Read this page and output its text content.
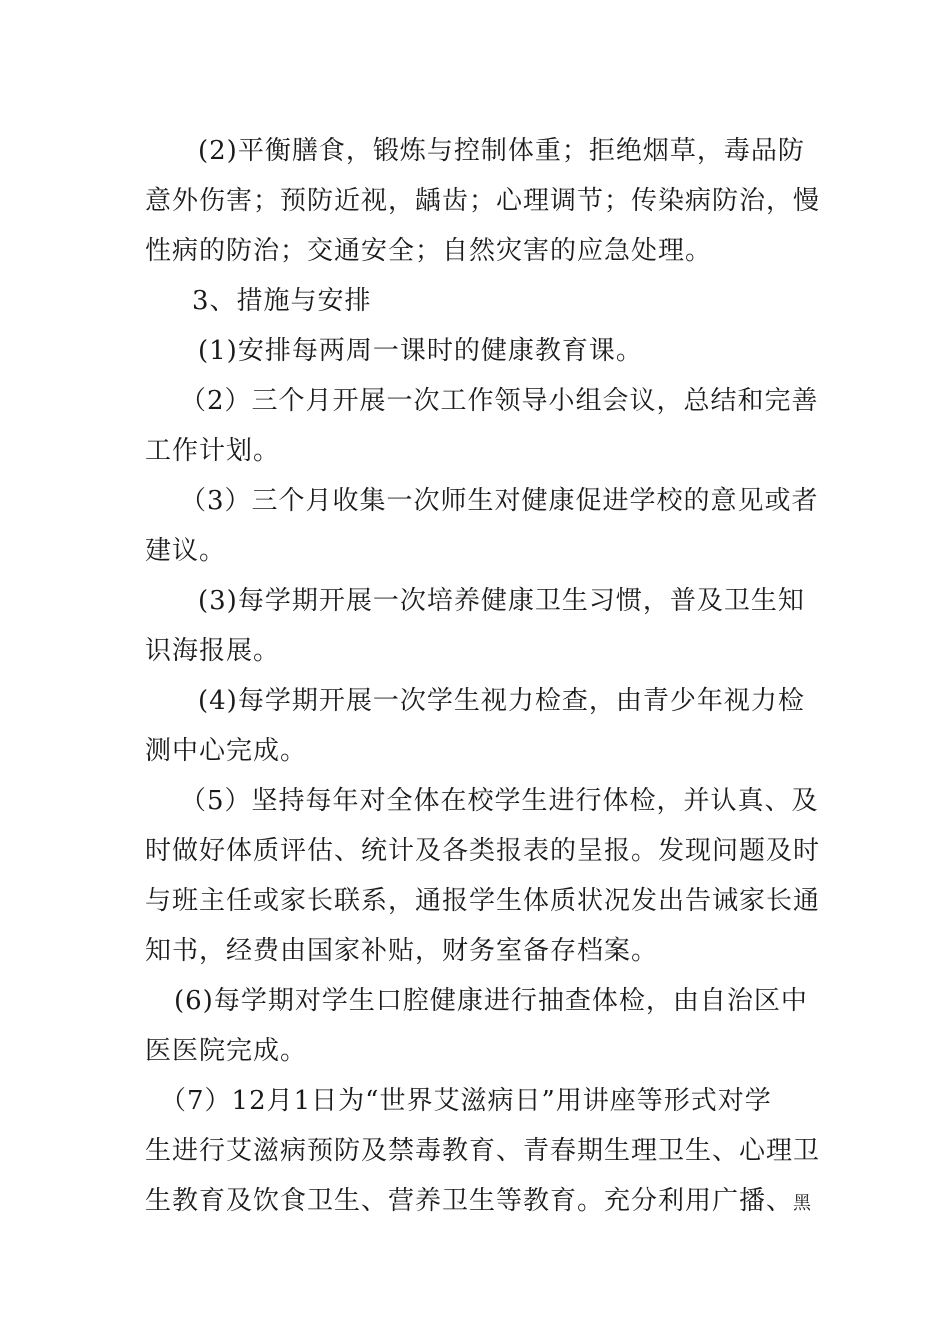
(2)平衡膳食，锻炼与控制体重；拒绝烟草，毒品防
意外伤害；预防近视，龋齿；心理调节；传染病防治，慢
性病的防治；交通安全；自然灾害的应急处理。
3、措施与安排
(1)安排每两周一课时的健康教育课。
（2）三个月开展一次工作领导小组会议，总结和完善
工作计划。
（3）三个月收集一次师生对健康促进学校的意见或者
建议。
(3)每学期开展一次培养健康卫生习惯，普及卫生知
识海报展。
(4)每学期开展一次学生视力检查，由青少年视力检
测中心完成。
（5）坚持每年对全体在校学生进行体检，并认真、及
时做好体质评估、统计及各类报表的呈报。发现问题及时
与班主任或家长联系，通报学生体质状况发出告诫家长通
知书，经费由国家补贴，财务室备存档案。
(6)每学期对学生口腔健康进行抽查体检，由自治区中
医医院完成。
（7）12月1日为“世界艾滋病日”用讲座等形式对学
生进行艾滋病预防及禁毒教育、青春期生理卫生、心理卫
生教育及饮食卫生、营养卫生等教育。充分利用广播、黑
